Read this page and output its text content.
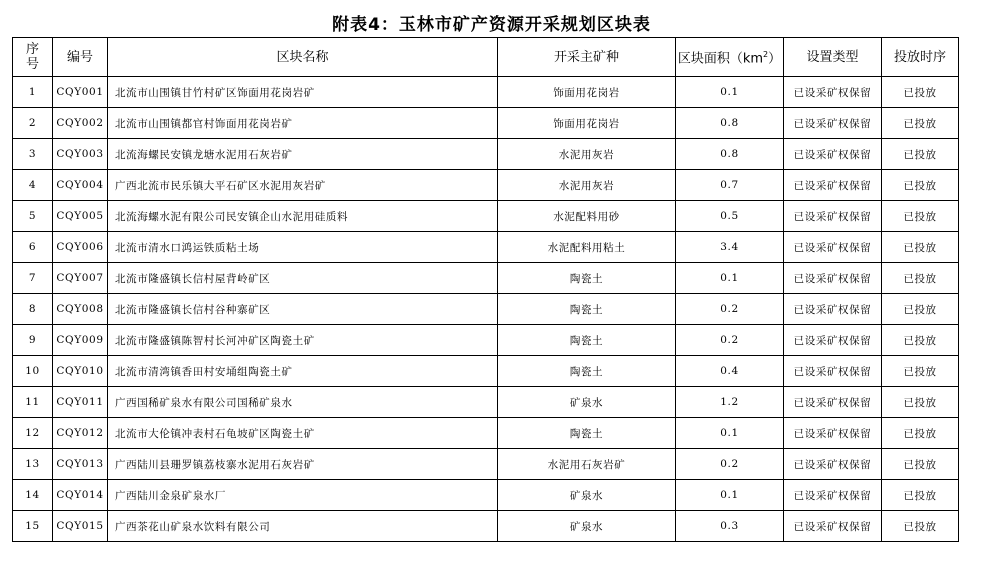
附表4：玉林市矿产资源开采规划区块表
序
号	编号	区块名称	开采主矿种	区块面积$(km^2)$	设置类型	投放时序
1	CQY001	北流市山围镇甘竹村矿区饰面用花岗岩矿	饰面用花岗岩	0.1	已设采矿权保留	已投放
2	CQY002	北流市山围镇都官村饰面用花岗岩矿	饰面用花岗岩	0.8	已设采矿权保留	已投放
3	CQY003	北流海螺民安镇龙塘水泥用石灰岩矿	水泥用灰岩	0.8	已设采矿权保留	已投放
4	CQY004	广西北流市民乐镇大平石矿区水泥用灰岩矿	水泥用灰岩	0.7	已设采矿权保留	已投放
5	CQY005	北流海螺水泥有限公司民安镇企山水泥用硅质料	水泥配料用砂	0.5	已设采矿权保留	已投放
6	CQY006	北流市清水口鸿运铁质粘土场	水泥配料用粘土	3.4	已设采矿权保留	已投放
7	CQY007	北流市隆盛镇长信村屋背岭矿区	陶瓷土	0.1	已设采矿权保留	已投放
8	CQY008	北流市隆盛镇长信村谷种寨矿区	陶瓷土	0.2	已设采矿权保留	已投放
9	CQY009	北流市隆盛镇陈智村长河冲矿区陶瓷土矿	陶瓷土	0.2	已设采矿权保留	已投放
10	CQY010	北流市清湾镇香田村安埇组陶瓷土矿	陶瓷土	0.4	已设采矿权保留	已投放
11	CQY011	广西国稀矿泉水有限公司国稀矿泉水	矿泉水	1.2	已设采矿权保留	已投放
12	CQY012	北流市大伦镇冲表村石龟坡矿区陶瓷土矿	陶瓷土	0.1	已设采矿权保留	已投放
13	CQY013	广西陆川县珊罗镇荔枝寨水泥用石灰岩矿	水泥用石灰岩矿	0.2	已设采矿权保留	已投放
14	CQY014	广西陆川金泉矿泉水厂	矿泉水	0.1	已设采矿权保留	已投放
15	CQY015	广西茶花山矿泉水饮料有限公司	矿泉水	0.3	已设采矿权保留	已投放
